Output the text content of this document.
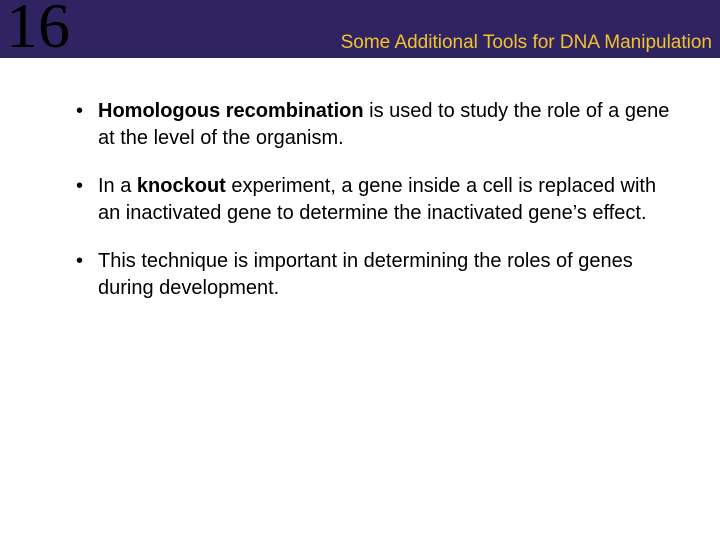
16	Some Additional Tools for DNA Manipulation
• Homologous recombination is used to study the role of a gene at the level of the organism.
• In a knockout experiment, a gene inside a cell is replaced with an inactivated gene to determine the inactivated gene’s effect.
• This technique is important in determining the roles of genes during development.
